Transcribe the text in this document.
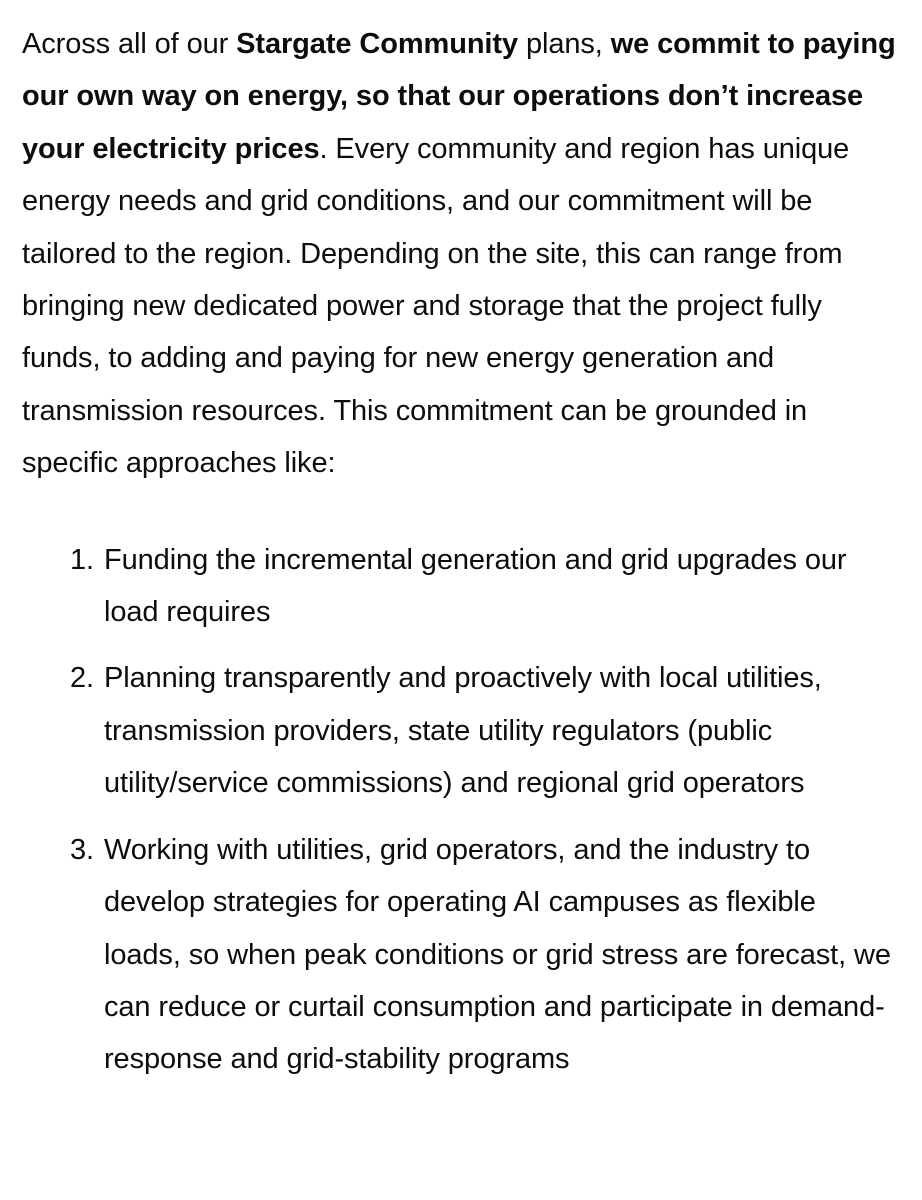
Across all of our Stargate Community plans, we commit to paying our own way on energy, so that our operations don’t increase your electricity prices. Every community and region has unique energy needs and grid conditions, and our commitment will be tailored to the region. Depending on the site, this can range from bringing new dedicated power and storage that the project fully funds, to adding and paying for new energy generation and transmission resources. This commitment can be grounded in specific approaches like:

1. Funding the incremental generation and grid upgrades our load requires
2. Planning transparently and proactively with local utilities, transmission providers, state utility regulators (public utility/service commissions) and regional grid operators
3. Working with utilities, grid operators, and the industry to develop strategies for operating AI campuses as flexible loads, so when peak conditions or grid stress are forecast, we can reduce or curtail consumption and participate in demand-response and grid-stability programs
